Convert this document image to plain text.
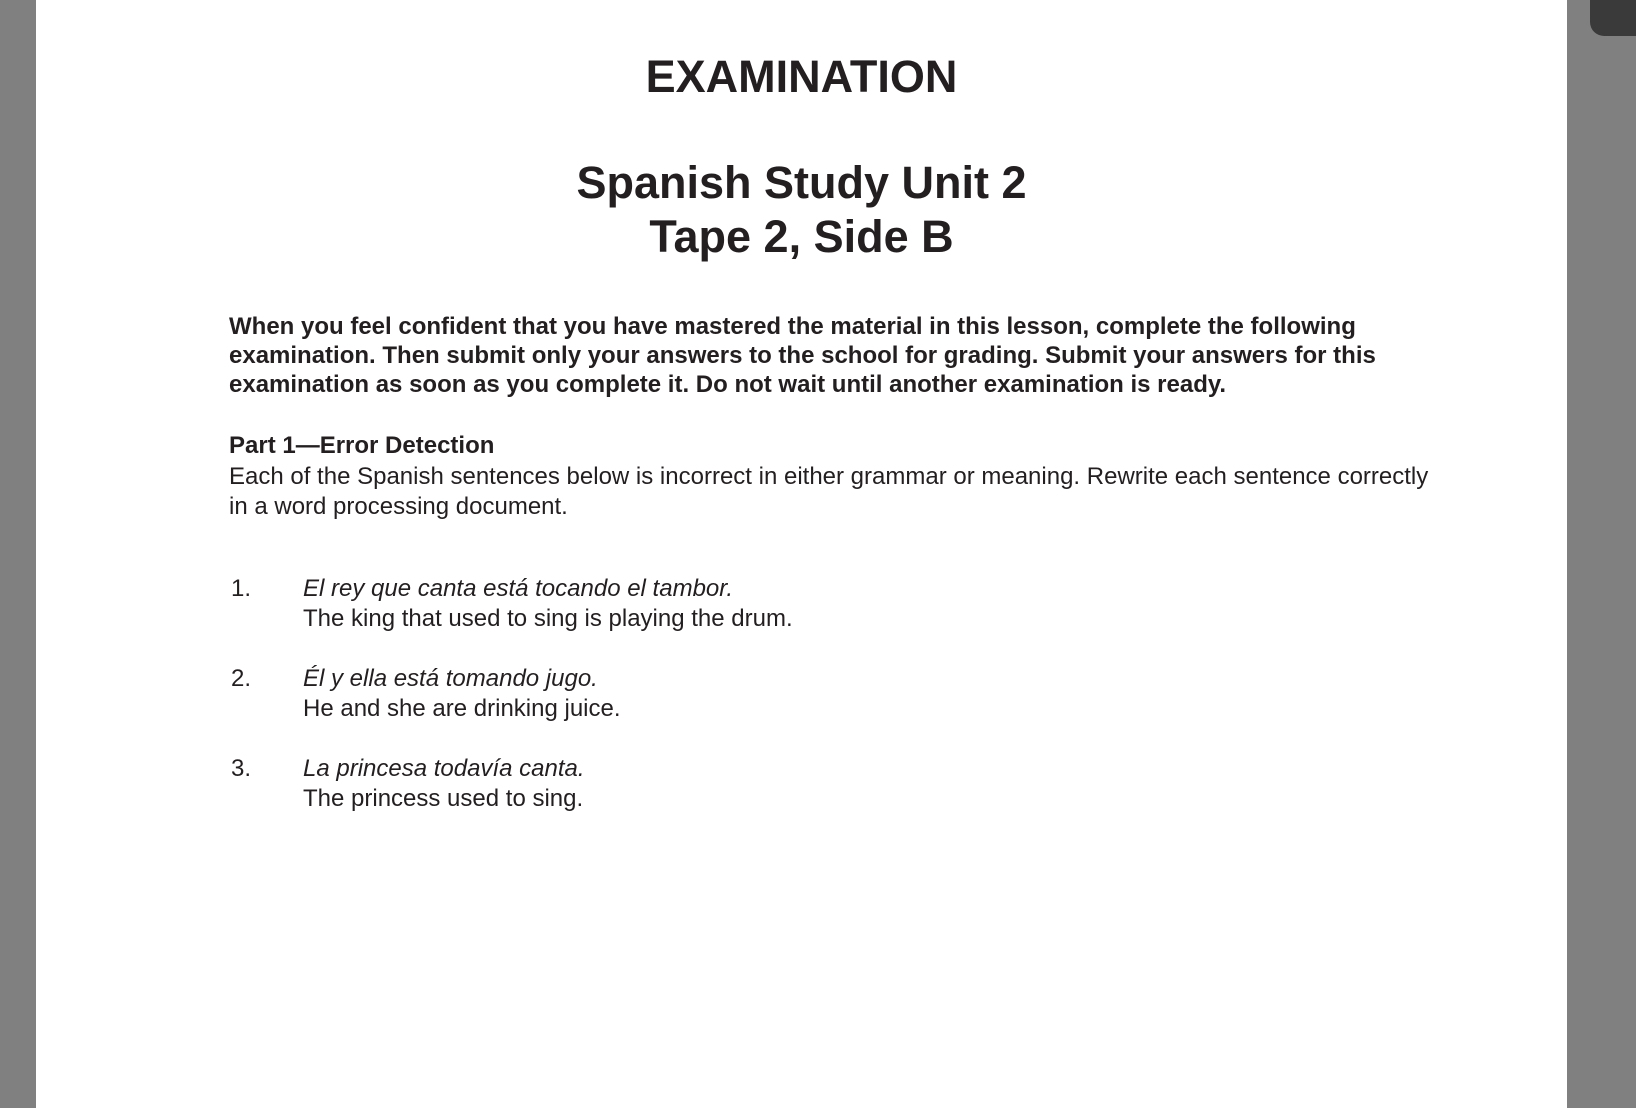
EXAMINATION
Spanish Study Unit 2
Tape 2, Side B

When you feel confident that you have mastered the material in this lesson, complete the following examination. Then submit only your answers to the school for grading. Submit your answers for this examination as soon as you complete it. Do not wait until another examination is ready.

Part 1—Error Detection

Each of the Spanish sentences below is incorrect in either grammar or meaning. Rewrite each sentence correctly in a word processing document.

1. El rey que canta está tocando el tambor.
The king that used to sing is playing the drum.
2. Él y ella está tomando jugo.
He and she are drinking juice.
3. La princesa todavía canta.
The princess used to sing.
